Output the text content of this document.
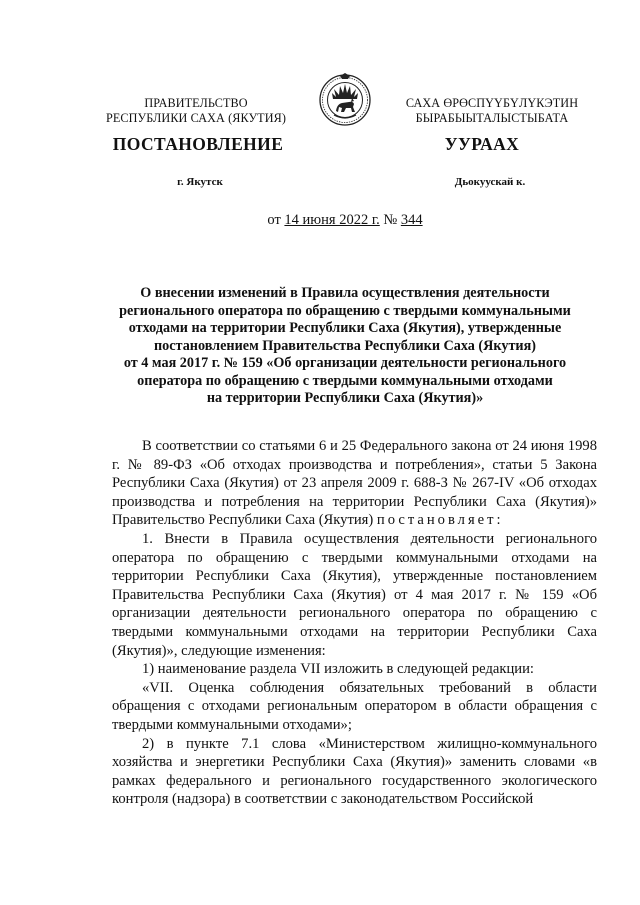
ПРАВИТЕЛЬСТВО
РЕСПУБЛИКИ САХА (ЯКУТИЯ)
САХА ӨРӨСПҮҮБҮЛҮКЭТИН
БЫРАБЫЫТАЛЫСТЫБАТА
ПОСТАНОВЛЕНИЕ	УУРААХ
г. Якутск	Дьокуускай к.
от 14 июня 2022 г. № 344
О внесении изменений в Правила осуществления деятельности
регионального оператора по обращению с твердыми коммунальными
отходами на территории Республики Саха (Якутия), утвержденные
постановлением Правительства Республики Саха (Якутия)
от 4 мая 2017 г. № 159 «Об организации деятельности регионального
оператора по обращению с твердыми коммунальными отходами
на территории Республики Саха (Якутия)»

В соответствии со статьями 6 и 25 Федерального закона от 24 июня 1998 г. № 89-ФЗ «Об отходах производства и потребления», статьи 5 Закона Республики Саха (Якутия) от 23 апреля 2009 г. 688-З № 267-IV «Об отходах производства и потребления на территории Республики Саха (Якутия)» Правительство Республики Саха (Якутия) постановляет:

1. Внести в Правила осуществления деятельности регионального оператора по обращению с твердыми коммунальными отходами на территории Республики Саха (Якутия), утвержденные постановлением Правительства Республики Саха (Якутия) от 4 мая 2017 г. № 159 «Об организации деятельности регионального оператора по обращению с твердыми коммунальными отходами на территории Республики Саха (Якутия)», следующие изменения:

1) наименование раздела VII изложить в следующей редакции:

«VII. Оценка соблюдения обязательных требований в области обращения с отходами региональным оператором в области обращения с твердыми коммунальными отходами»;

2) в пункте 7.1 слова «Министерством жилищно-коммунального хозяйства и энергетики Республики Саха (Якутия)» заменить словами «в рамках федерального и регионального государственного экологического контроля (надзора) в соответствии с законодательством Российской
